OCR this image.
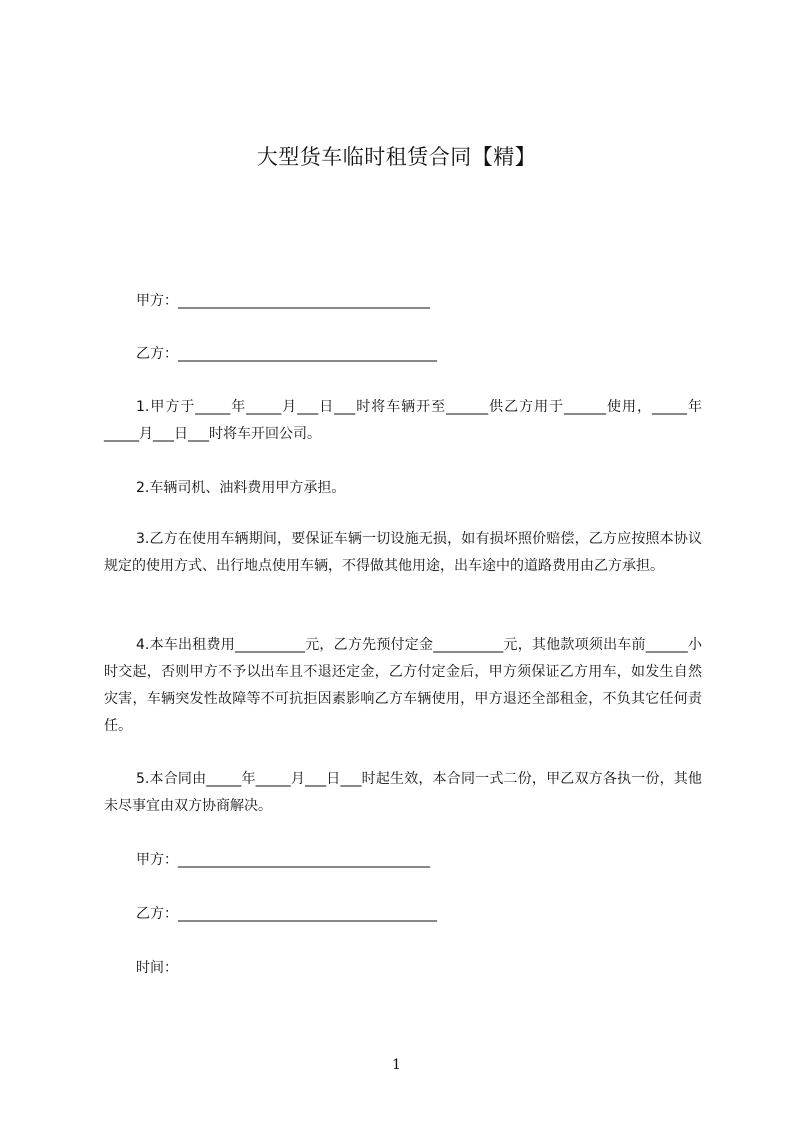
大型货车临时租赁合同【精】
甲方：____________________________________
乙方：_____________________________________
1.甲方于_____年_____月___日___时将车辆开至______供乙方用于______使用，_____年_____月___日___时将车开回公司。
2.车辆司机、油料费用甲方承担。
3.乙方在使用车辆期间，要保证车辆一切设施无损，如有损坏照价赔偿，乙方应按照本协议规定的使用方式、出行地点使用车辆，不得做其他用途，出车途中的道路费用由乙方承担。
4.本车出租费用__________元，乙方先预付定金__________元，其他款项须出车前______小时交起，否则甲方不予以出车且不退还定金，乙方付定金后，甲方须保证乙方用车，如发生自然灾害，车辆突发性故障等不可抗拒因素影响乙方车辆使用，甲方退还全部租金，不负其它任何责任。
5.本合同由_____年_____月___日___时起生效，本合同一式二份，甲乙双方各执一份，其他未尽事宜由双方协商解决。
甲方：____________________________________
乙方：_____________________________________
时间：
1
